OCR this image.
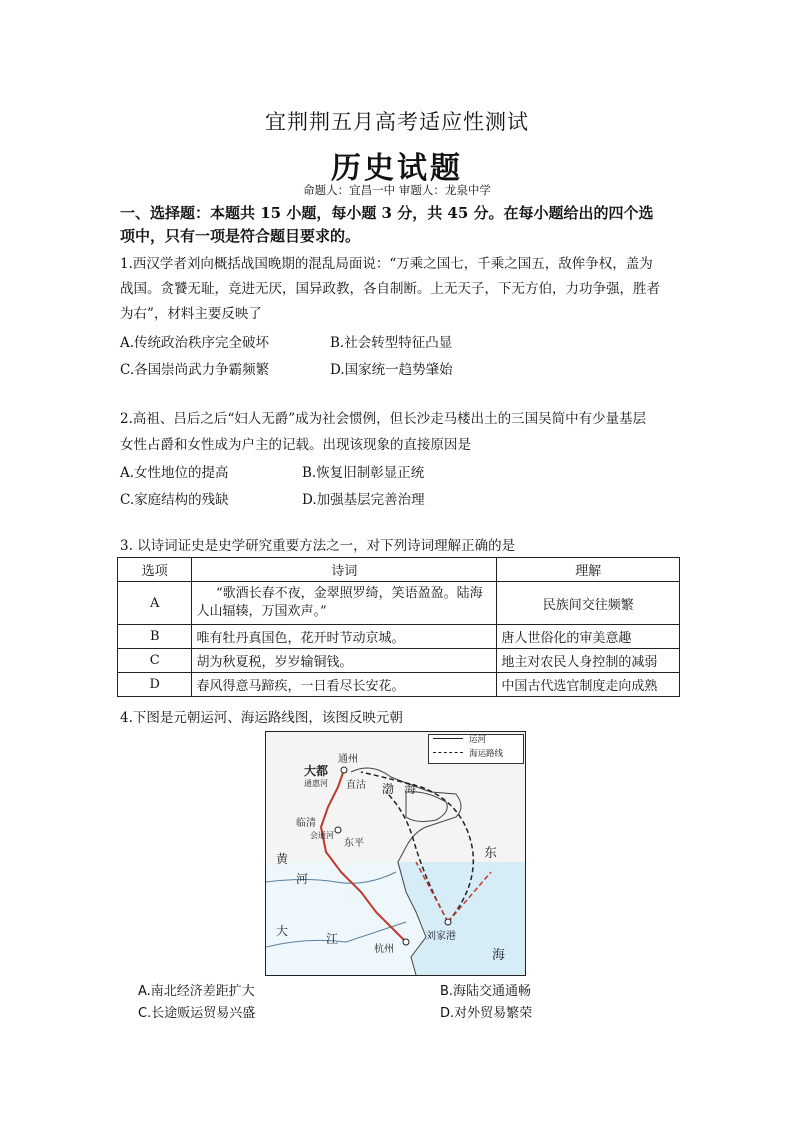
宜荆荆五月高考适应性测试
历史试题
命题人：宜昌一中 审题人：龙泉中学
一、选择题：本题共 15 小题，每小题 3 分，共 45 分。在每小题给出的四个选
项中，只有一项是符合题目要求的。
1.西汉学者刘向概括战国晚期的混乱局面说：“万乘之国七，千乘之国五，敌侔争权，盖为
战国。贪饕无耻，竞进无厌，国异政教，各自制断。上无天子，下无方伯，力功争强，胜者
为右”，材料主要反映了
A.传统政治秩序完全破坏	B.社会转型特征凸显
C.各国崇尚武力争霸频繁	D.国家统一趋势肇始
2.高祖、吕后之后“妇人无爵”成为社会惯例，但长沙走马楼出土的三国吴简中有少量基层
女性占爵和女性成为户主的记载。出现该现象的直接原因是
A.女性地位的提高	B.恢复旧制彰显正统
C.家庭结构的残缺	D.加强基层完善治理
3. 以诗词证史是史学研究重要方法之一，对下列诗词理解正确的是
选项	诗词	理解
A	“歌酒长春不夜，金翠照罗绮，笑语盈盈。陆海人山辐辏，万国欢声。”	民族间交往频繁
B	唯有牡丹真国色，花开时节动京城。	唐人世俗化的审美意趣
C	胡为秋夏税，岁岁输铜钱。	地主对农民人身控制的减弱
D	春风得意马蹄疾，一日看尽长安花。	中国古代选官制度走向成熟
4.下图是元朝运河、海运路线图，该图反映元朝
运河
海运路线
大都
通州
通惠河 直沽 渤 海
临清
会通河
东平
东
黄
河
大
江	刘家港
杭州	海
A.南北经济差距扩大	B.海陆交通通畅
C.长途贩运贸易兴盛	D.对外贸易繁荣
